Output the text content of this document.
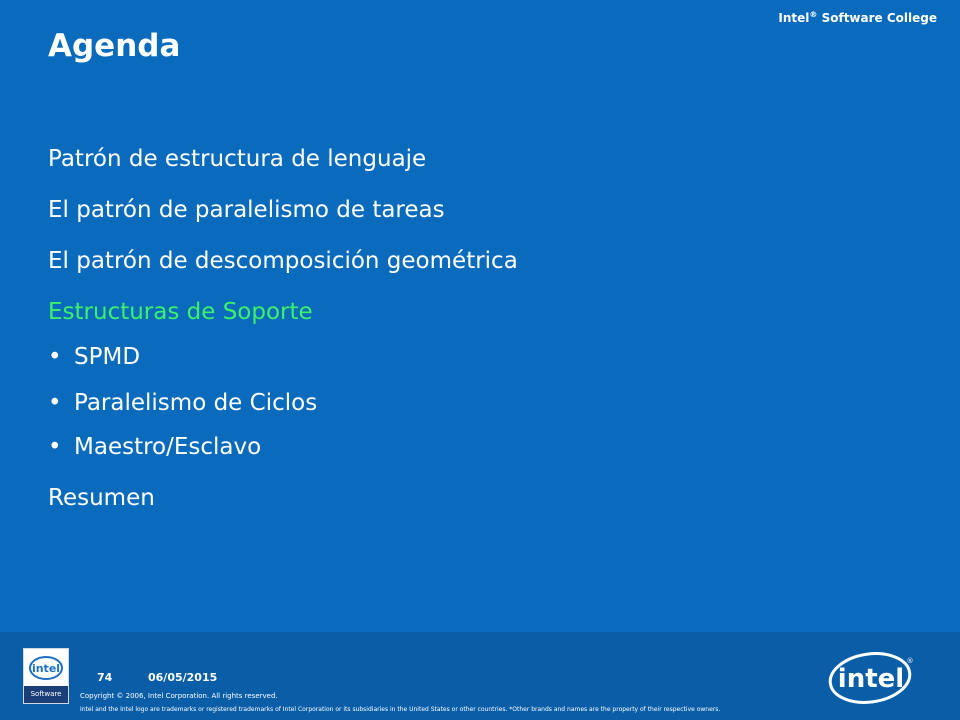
Intel® Software College
Agenda
Patrón de estructura de lenguaje
El patrón de paralelismo de tareas
El patrón de descomposición geométrica
Estructuras de Soporte
• SPMD
• Paralelismo de Ciclos
• Maestro/Esclavo
Resumen
intel
Software
74	06/05/2015
Copyright © 2006, Intel Corporation. All rights reserved.
Intel and the Intel logo are trademarks or registered trademarks of Intel Corporation or its subsidiaries in the United States or other countries. *Other brands and names are the property of their respective owners.
intel
®
